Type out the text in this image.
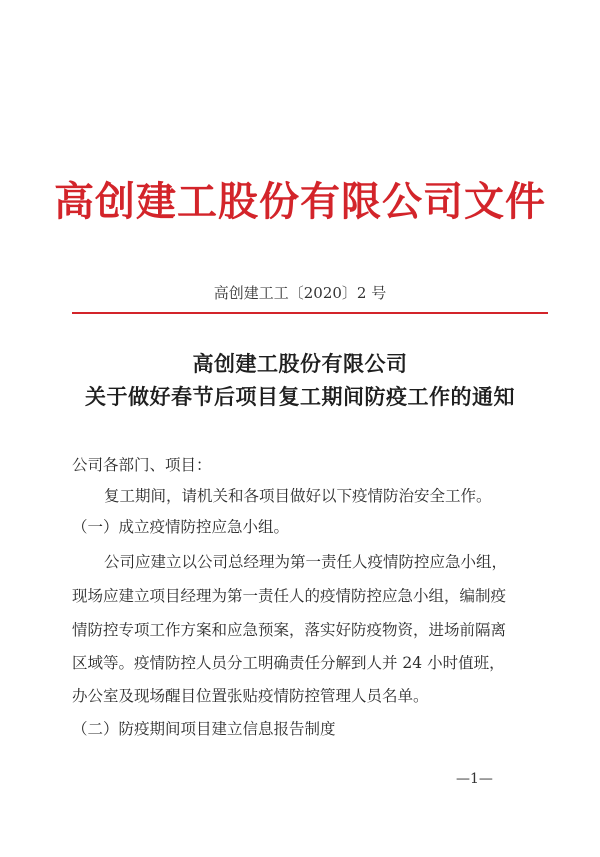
高创建工股份有限公司文件
高创建工工〔2020〕2 号
高创建工股份有限公司
关于做好春节后项目复工期间防疫工作的通知
公司各部门、项目：
复工期间，请机关和各项目做好以下疫情防治安全工作。
（一）成立疫情防控应急小组。
公司应建立以公司总经理为第一责任人疫情防控应急小组，
现场应建立项目经理为第一责任人的疫情防控应急小组，编制疫
情防控专项工作方案和应急预案，落实好防疫物资，进场前隔离
区域等。疫情防控人员分工明确责任分解到人并 24 小时值班，
办公室及现场醒目位置张贴疫情防控管理人员名单。
（二）防疫期间项目建立信息报告制度
—1—
